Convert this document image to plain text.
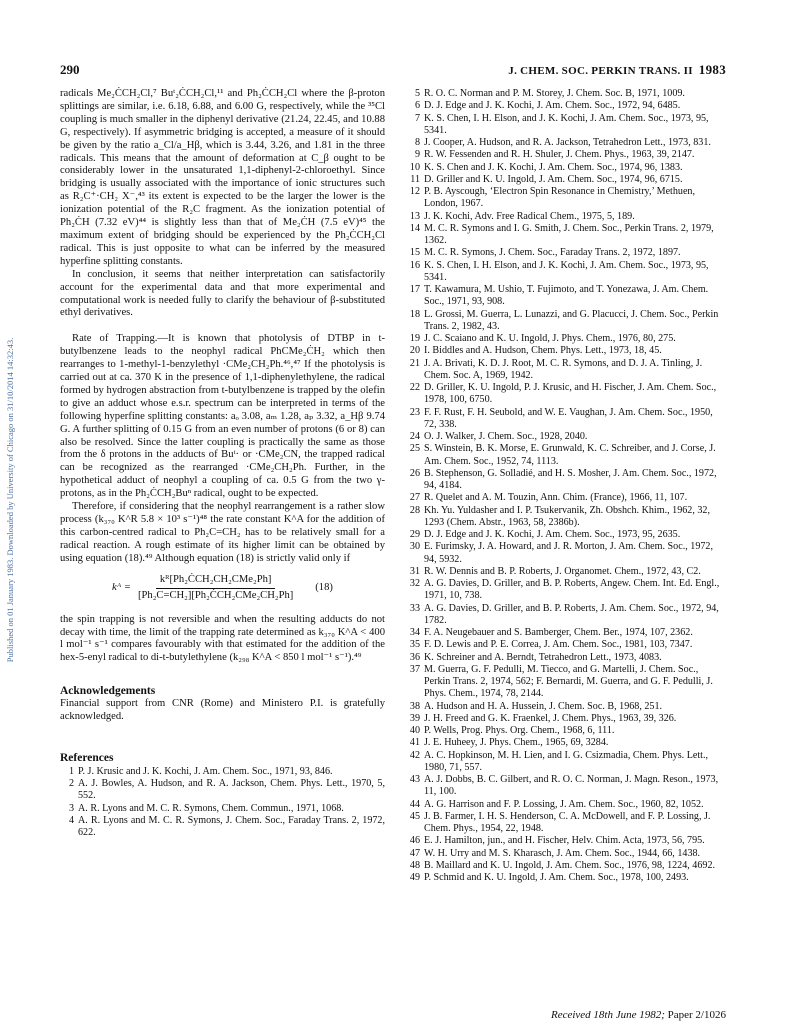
Published on 01 January 1983. Downloaded by University of Chicago on 31/10/2014 14:32:43.
290	J. CHEM. SOC. PERKIN TRANS. II 1983

radicals Me₂ĊCH₂Cl,⁷ Buᵗ₂ĊCH₂Cl,¹¹ and Ph₂ĊCH₂Cl where the β-proton splittings are similar, i.e. 6.18, 6.88, and 6.00 G, respectively, while the ³⁵Cl coupling is much smaller in the diphenyl derivative (21.24, 22.45, and 10.88 G, respectively). If asymmetric bridging is accepted, a measure of it should be given by the ratio a_Cl/a_Hβ, which is 3.44, 3.26, and 1.81 in the three radicals. This means that the amount of deformation at C_β ought to be considerably lower in the unsaturated 1,1-diphenyl-2-chloroethyl. Since bridging is usually associated with the importance of ionic structures such as R₂C⁺·CH₂ X⁻,⁴³ its extent is expected to be the larger the lower is the ionization potential of the R₂C fragment. As the ionization potential of Ph₂ĊH (7.32 eV)⁴⁴ is slightly less than that of Me₂ĊH (7.5 eV)⁴⁵ the maximum extent of bridging should be experienced by the Ph₂ĊCH₂Cl radical. This is just opposite to what can be inferred by the measured hyperfine splitting constants.

In conclusion, it seems that neither interpretation can satisfactorily account for the experimental data and that more experimental and computational work is needed fully to clarify the behaviour of β-substituted ethyl derivatives.

Rate of Trapping.—It is known that photolysis of DTBP in t-butylbenzene leads to the neophyl radical PhCMe₂ĊH₂ which then rearranges to 1-methyl-1-benzylethyl ·CMe₂CH₂Ph.⁴⁶,⁴⁷ If the photolysis is carried out at ca. 370 K in the presence of 1,1-diphenylethylene, the radical formed by hydrogen abstraction from t-butylbenzene is trapped by the olefin to give an adduct whose e.s.r. spectrum can be interpreted in terms of the following hyperfine splitting constants: aₒ 3.08, aₘ 1.28, aₚ 3.32, a_Hβ 9.74 G. A further splitting of 0.15 G from an even number of protons (6 or 8) can also be resolved. Since the latter coupling is practically the same as those from the δ protons in the adducts of Buᵗ· or ·CMe₂CN, the trapped radical can be recognized as the rearranged ·CMe₂CH₂Ph. Further, in the hypothetical adduct of neophyl a coupling of ca. 0.5 G from the two γ-protons, as in the Ph₂ĊCH₂Buⁿ radical, ought to be expected.

Therefore, if considering that the neophyl rearrangement is a rather slow process (k₃₇₀ K^R 5.8 × 10³ s⁻¹)⁴⁸ the rate constant K^A for the addition of this carbon-centred radical to Ph₂C=CH₂ has to be relatively small for a radical reaction. A rough estimate of its higher limit can be obtained by using equation (18).⁴⁹ Although equation (18) is strictly valid only if

kᴬ = $\frac{\text{kᴿ[Ph₂ĊCH₂CH₂CMe₂Ph]}}{\text{[Ph₂C=CH₂][Ph₂ĊCH₂CMe₂CH₂Ph]}} (18)$

the spin trapping is not reversible and when the resulting adducts do not decay with time, the limit of the trapping rate determined as k₃₇₀ K^A < 400 l mol⁻¹ s⁻¹ compares favourably with that estimated for the addition of the hex-5-enyl radical to di-t-butylethylene (k₂₉₈ K^A < 850 l mol⁻¹ s⁻¹).⁴⁹

Acknowledgements

Financial support from CNR (Rome) and Ministero P.I. is gratefully acknowledged.

References
1 P. J. Krusic and J. K. Kochi, J. Am. Chem. Soc., 1971, 93, 846.
2 A. J. Bowles, A. Hudson, and R. A. Jackson, Chem. Phys. Lett., 1970, 5, 552.
3 A. R. Lyons and M. C. R. Symons, Chem. Commun., 1971, 1068.
4 A. R. Lyons and M. C. R. Symons, J. Chem. Soc., Faraday Trans. 2, 1972, 622.
5 R. O. C. Norman and P. M. Storey, J. Chem. Soc. B, 1971, 1009.
6 D. J. Edge and J. K. Kochi, J. Am. Chem. Soc., 1972, 94, 6485.
7 K. S. Chen, I. H. Elson, and J. K. Kochi, J. Am. Chem. Soc., 1973, 95, 5341.
8 J. Cooper, A. Hudson, and R. A. Jackson, Tetrahedron Lett., 1973, 831.
9 R. W. Fessenden and R. H. Shuler, J. Chem. Phys., 1963, 39, 2147.
10 K. S. Chen and J. K. Kochi, J. Am. Chem. Soc., 1974, 96, 1383.
11 D. Griller and K. U. Ingold, J. Am. Chem. Soc., 1974, 96, 6715.
12 P. B. Ayscough, ‘Electron Spin Resonance in Chemistry,’ Methuen, London, 1967.
13 J. K. Kochi, Adv. Free Radical Chem., 1975, 5, 189.
14 M. C. R. Symons and I. G. Smith, J. Chem. Soc., Perkin Trans. 2, 1979, 1362.
15 M. C. R. Symons, J. Chem. Soc., Faraday Trans. 2, 1972, 1897.
16 K. S. Chen, I. H. Elson, and J. K. Kochi, J. Am. Chem. Soc., 1973, 95, 5341.
17 T. Kawamura, M. Ushio, T. Fujimoto, and T. Yonezawa, J. Am. Chem. Soc., 1971, 93, 908.
18 L. Grossi, M. Guerra, L. Lunazzi, and G. Placucci, J. Chem. Soc., Perkin Trans. 2, 1982, 43.
19 J. C. Scaiano and K. U. Ingold, J. Phys. Chem., 1976, 80, 275.
20 I. Biddles and A. Hudson, Chem. Phys. Lett., 1973, 18, 45.
21 J. A. Brivati, K. D. J. Root, M. C. R. Symons, and D. J. A. Tinling, J. Chem. Soc. A, 1969, 1942.
22 D. Griller, K. U. Ingold, P. J. Krusic, and H. Fischer, J. Am. Chem. Soc., 1978, 100, 6750.
23 F. F. Rust, F. H. Seubold, and W. E. Vaughan, J. Am. Chem. Soc., 1950, 72, 338.
24 O. J. Walker, J. Chem. Soc., 1928, 2040.
25 S. Winstein, B. K. Morse, E. Grunwald, K. C. Schreiber, and J. Corse, J. Am. Chem. Soc., 1952, 74, 1113.
26 B. Stephenson, G. Solladié, and H. S. Mosher, J. Am. Chem. Soc., 1972, 94, 4184.
27 R. Quelet and A. M. Touzin, Ann. Chim. (France), 1966, 11, 107.
28 Kh. Yu. Yuldasher and I. P. Tsukervanik, Zh. Obshch. Khim., 1962, 32, 1293 (Chem. Abstr., 1963, 58, 2386b).
29 D. J. Edge and J. K. Kochi, J. Am. Chem. Soc., 1973, 95, 2635.
30 E. Furimsky, J. A. Howard, and J. R. Morton, J. Am. Chem. Soc., 1972, 94, 5932.
31 R. W. Dennis and B. P. Roberts, J. Organomet. Chem., 1972, 43, C2.
32 A. G. Davies, D. Griller, and B. P. Roberts, Angew. Chem. Int. Ed. Engl., 1971, 10, 738.
33 A. G. Davies, D. Griller, and B. P. Roberts, J. Am. Chem. Soc., 1972, 94, 1782.
34 F. A. Neugebauer and S. Bamberger, Chem. Ber., 1974, 107, 2362.
35 F. D. Lewis and P. E. Correa, J. Am. Chem. Soc., 1981, 103, 7347.
36 K. Schreiner and A. Berndt, Tetrahedron Lett., 1973, 4083.
37 M. Guerra, G. F. Pedulli, M. Tiecco, and G. Martelli, J. Chem. Soc., Perkin Trans. 2, 1974, 562; F. Bernardi, M. Guerra, and G. F. Pedulli, J. Phys. Chem., 1974, 78, 2144.
38 A. Hudson and H. A. Hussein, J. Chem. Soc. B, 1968, 251.
39 J. H. Freed and G. K. Fraenkel, J. Chem. Phys., 1963, 39, 326.
40 P. Wells, Prog. Phys. Org. Chem., 1968, 6, 111.
41 J. E. Huheey, J. Phys. Chem., 1965, 69, 3284.
42 A. C. Hopkinson, M. H. Lien, and I. G. Csizmadia, Chem. Phys. Lett., 1980, 71, 557.
43 A. J. Dobbs, B. C. Gilbert, and R. O. C. Norman, J. Magn. Reson., 1973, 11, 100.
44 A. G. Harrison and F. P. Lossing, J. Am. Chem. Soc., 1960, 82, 1052.
45 J. B. Farmer, I. H. S. Henderson, C. A. McDowell, and F. P. Lossing, J. Chem. Phys., 1954, 22, 1948.
46 E. J. Hamilton, jun., and H. Fischer, Helv. Chim. Acta, 1973, 56, 795.
47 W. H. Urry and M. S. Kharasch, J. Am. Chem. Soc., 1944, 66, 1438.
48 B. Maillard and K. U. Ingold, J. Am. Chem. Soc., 1976, 98, 1224, 4692.
49 P. Schmid and K. U. Ingold, J. Am. Chem. Soc., 1978, 100, 2493.
Received 18th June 1982; Paper 2/1026
